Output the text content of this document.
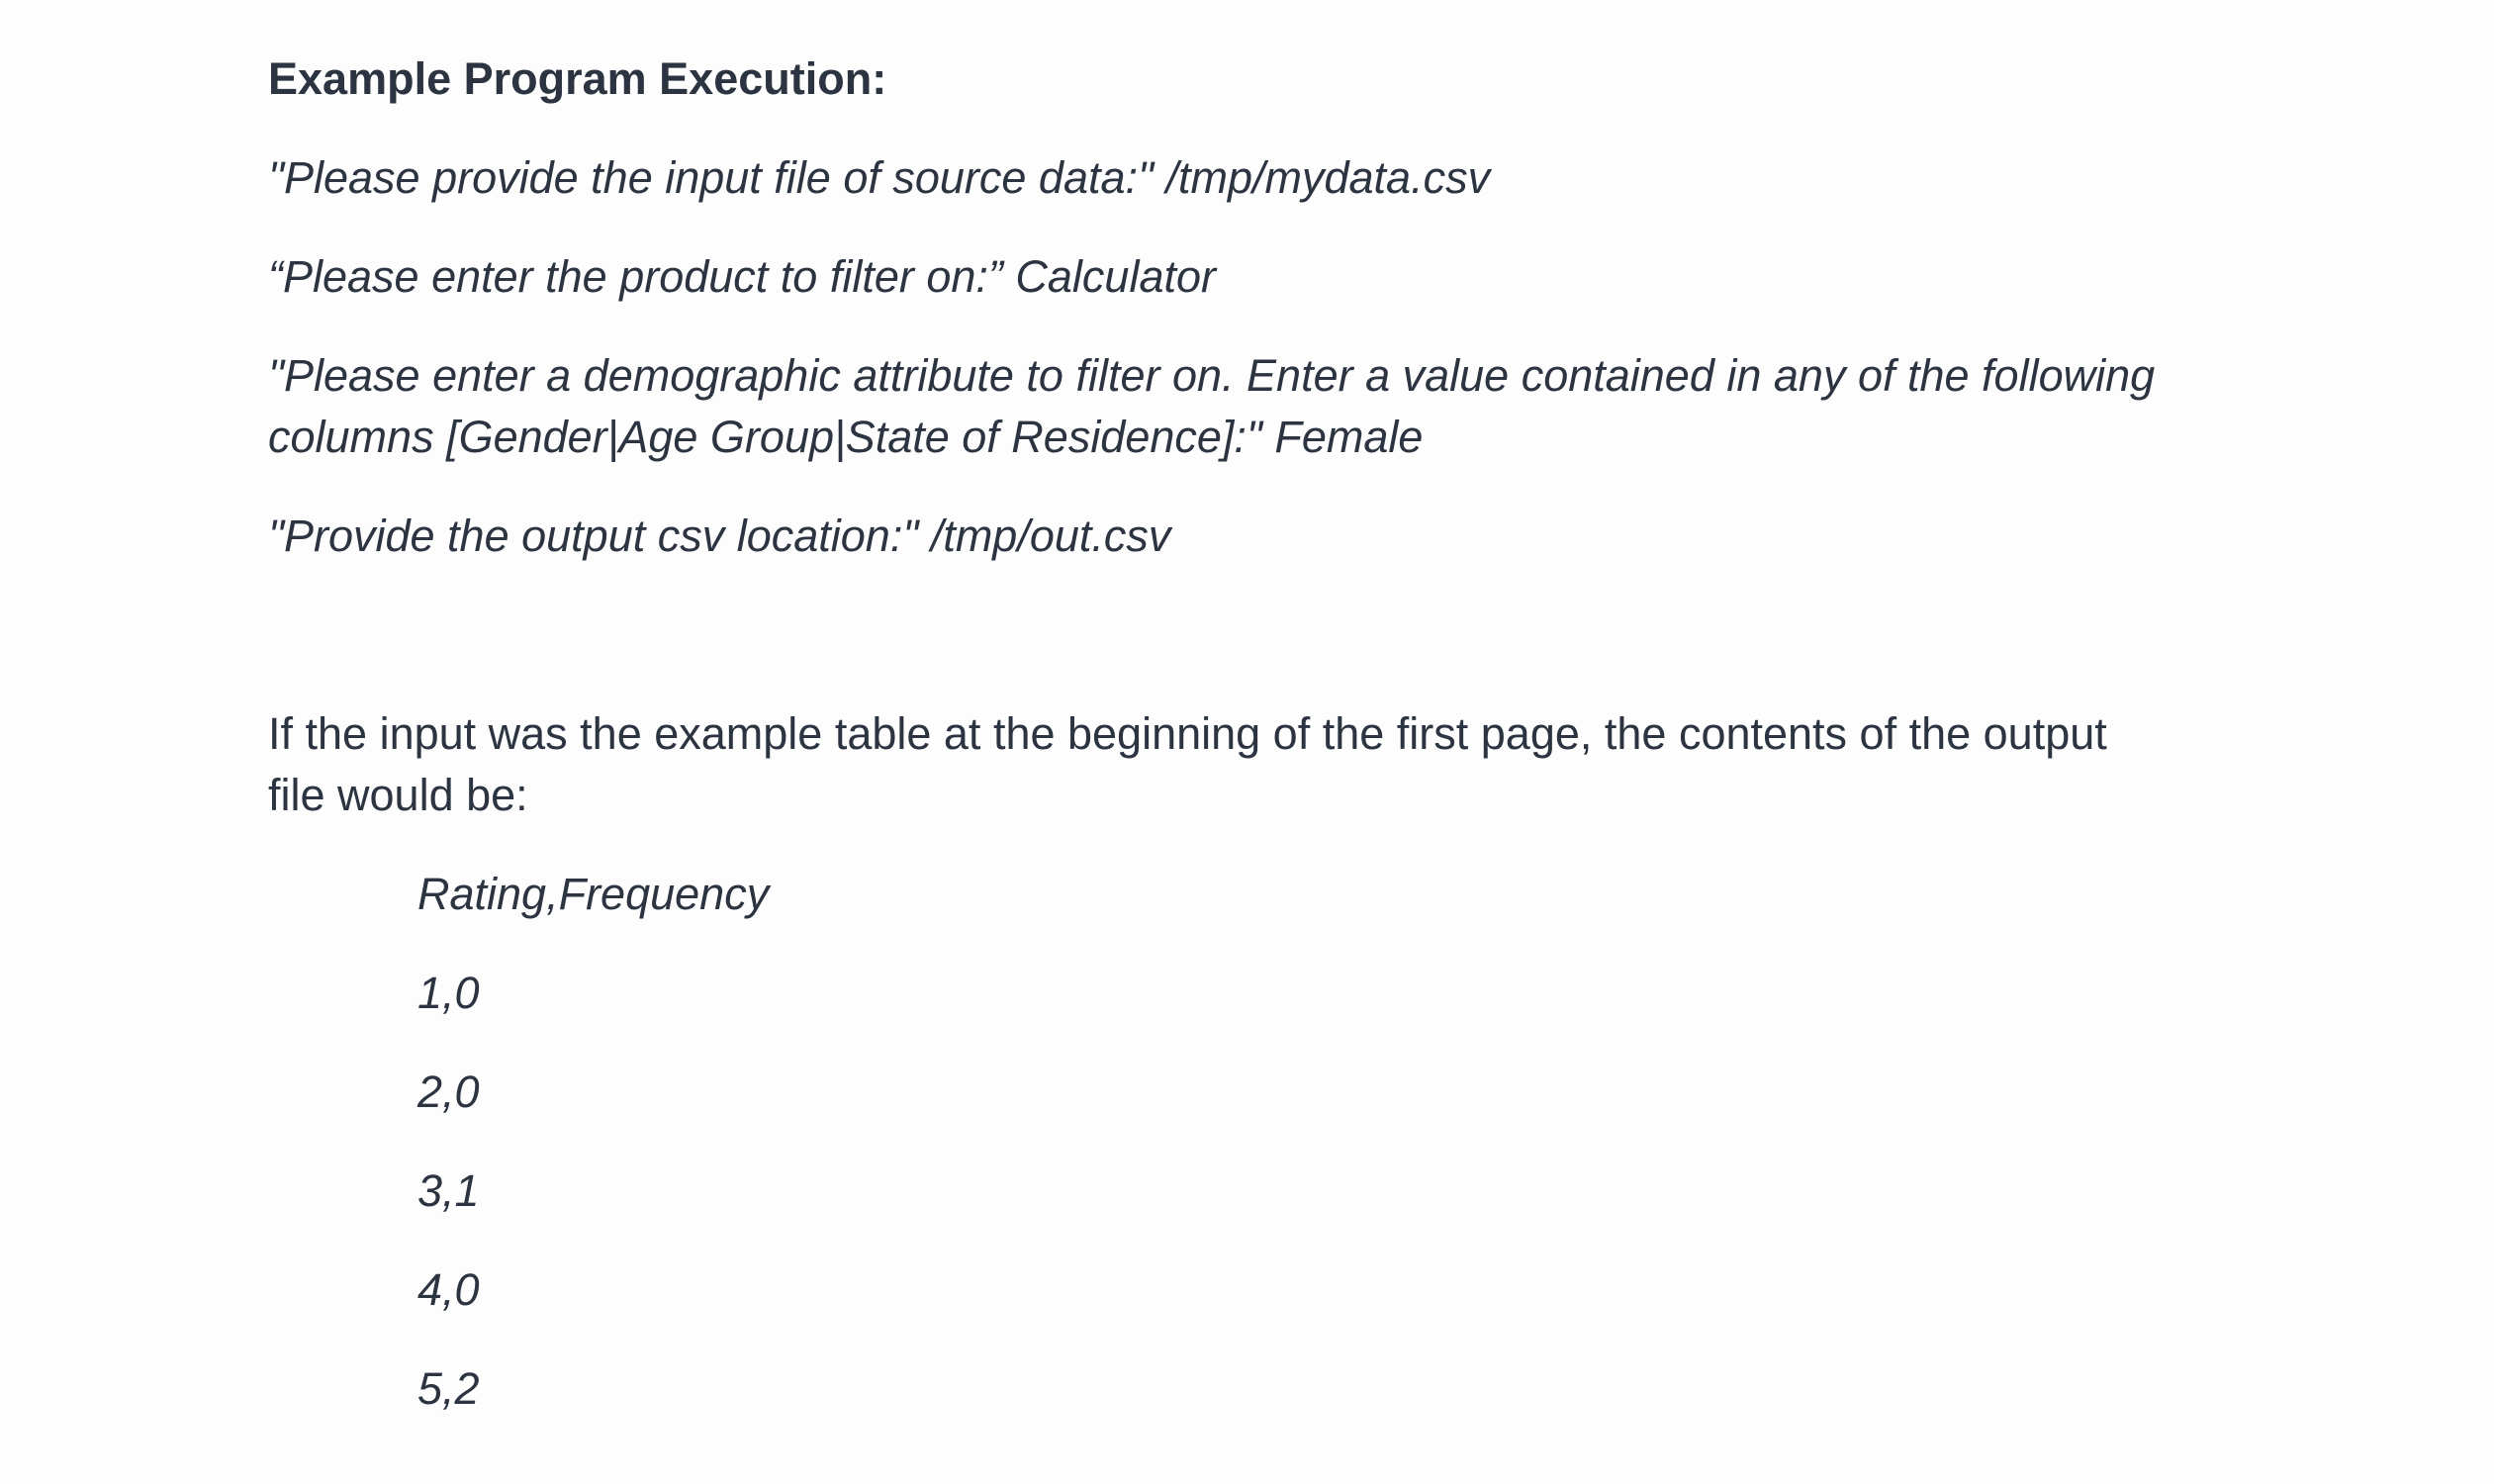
Example Program Execution:
"Please provide the input file of source data:" /tmp/mydata.csv
“Please enter the product to filter on:” Calculator
"Please enter a demographic attribute to filter on. Enter a value contained in any of the following
columns [Gender|Age Group|State of Residence]:" Female
"Provide the output csv location:" /tmp/out.csv
If the input was the example table at the beginning of the first page, the contents of the output
file would be:
Rating,Frequency
1,0
2,0
3,1
4,0
5,2
